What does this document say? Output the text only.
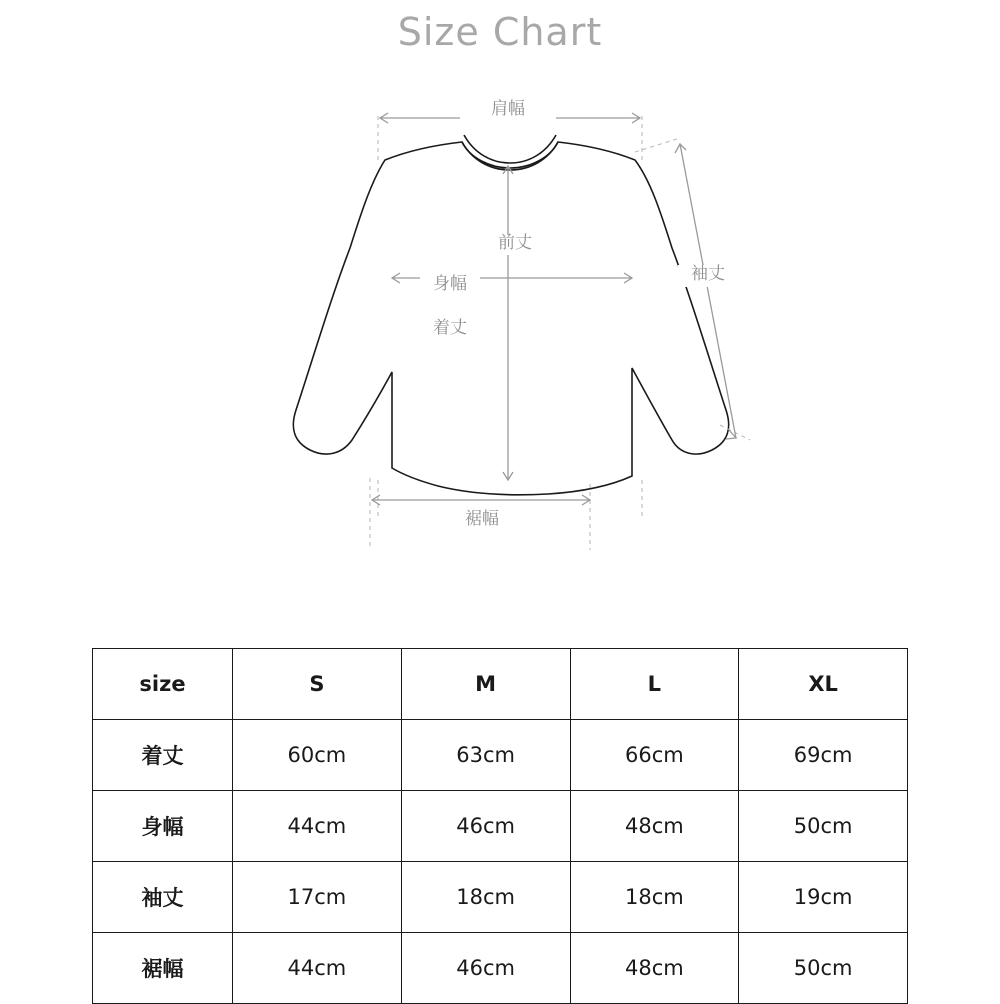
Size Chart
肩幅
前丈
身幅
着丈
袖丈
裾幅
size	S	M	L	XL
着丈	60cm	63cm	66cm	69cm
身幅	44cm	46cm	48cm	50cm
袖丈	17cm	18cm	18cm	19cm
裾幅	44cm	46cm	48cm	50cm
